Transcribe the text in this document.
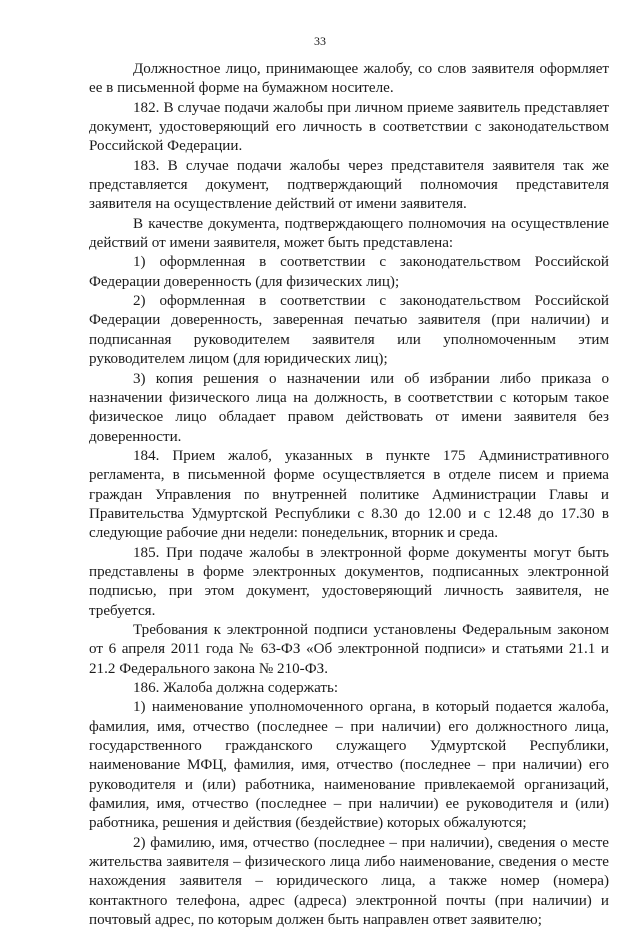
33

Должностное лицо, принимающее жалобу, со слов заявителя оформляет ее в письменной форме на бумажном носителе.

182. В случае подачи жалобы при личном приеме заявитель представляет документ, удостоверяющий его личность в соответствии с законодательством Российской Федерации.

183. В случае подачи жалобы через представителя заявителя так же представляется документ, подтверждающий полномочия представителя заявителя на осуществление действий от имени заявителя.

В качестве документа, подтверждающего полномочия на осуществление действий от имени заявителя, может быть представлена:

1) оформленная в соответствии с законодательством Российской Федерации доверенность (для физических лиц);

2) оформленная в соответствии с законодательством Российской Федерации доверенность, заверенная печатью заявителя (при наличии) и подписанная руководителем заявителя или уполномоченным этим руководителем лицом (для юридических лиц);

3) копия решения о назначении или об избрании либо приказа о назначении физического лица на должность, в соответствии с которым такое физическое лицо обладает правом действовать от имени заявителя без доверенности.

184. Прием жалоб, указанных в пункте 175 Административного регламента, в письменной форме осуществляется в отделе писем и приема граждан Управления по внутренней политике Администрации Главы и Правительства Удмуртской Республики с 8.30 до 12.00 и с 12.48 до 17.30 в следующие рабочие дни недели: понедельник, вторник и среда.

185. При подаче жалобы в электронной форме документы могут быть представлены в форме электронных документов, подписанных электронной подписью, при этом документ, удостоверяющий личность заявителя, не требуется.

Требования к электронной подписи установлены Федеральным законом от 6 апреля 2011 года № 63-ФЗ «Об электронной подписи» и статьями 21.1 и 21.2 Федерального закона № 210-ФЗ.

186. Жалоба должна содержать:

1) наименование уполномоченного органа, в который подается жалоба, фамилия, имя, отчество (последнее – при наличии) его должностного лица, государственного гражданского служащего Удмуртской Республики, наименование МФЦ, фамилия, имя, отчество (последнее – при наличии) его руководителя и (или) работника, наименование привлекаемой организаций, фамилия, имя, отчество (последнее – при наличии) ее руководителя и (или) работника, решения и действия (бездействие) которых обжалуются;

2) фамилию, имя, отчество (последнее – при наличии), сведения о месте жительства заявителя – физического лица либо наименование, сведения о месте нахождения заявителя – юридического лица, а также номер (номера) контактного телефона, адрес (адреса) электронной почты (при наличии) и почтовый адрес, по которым должен быть направлен ответ заявителю;
